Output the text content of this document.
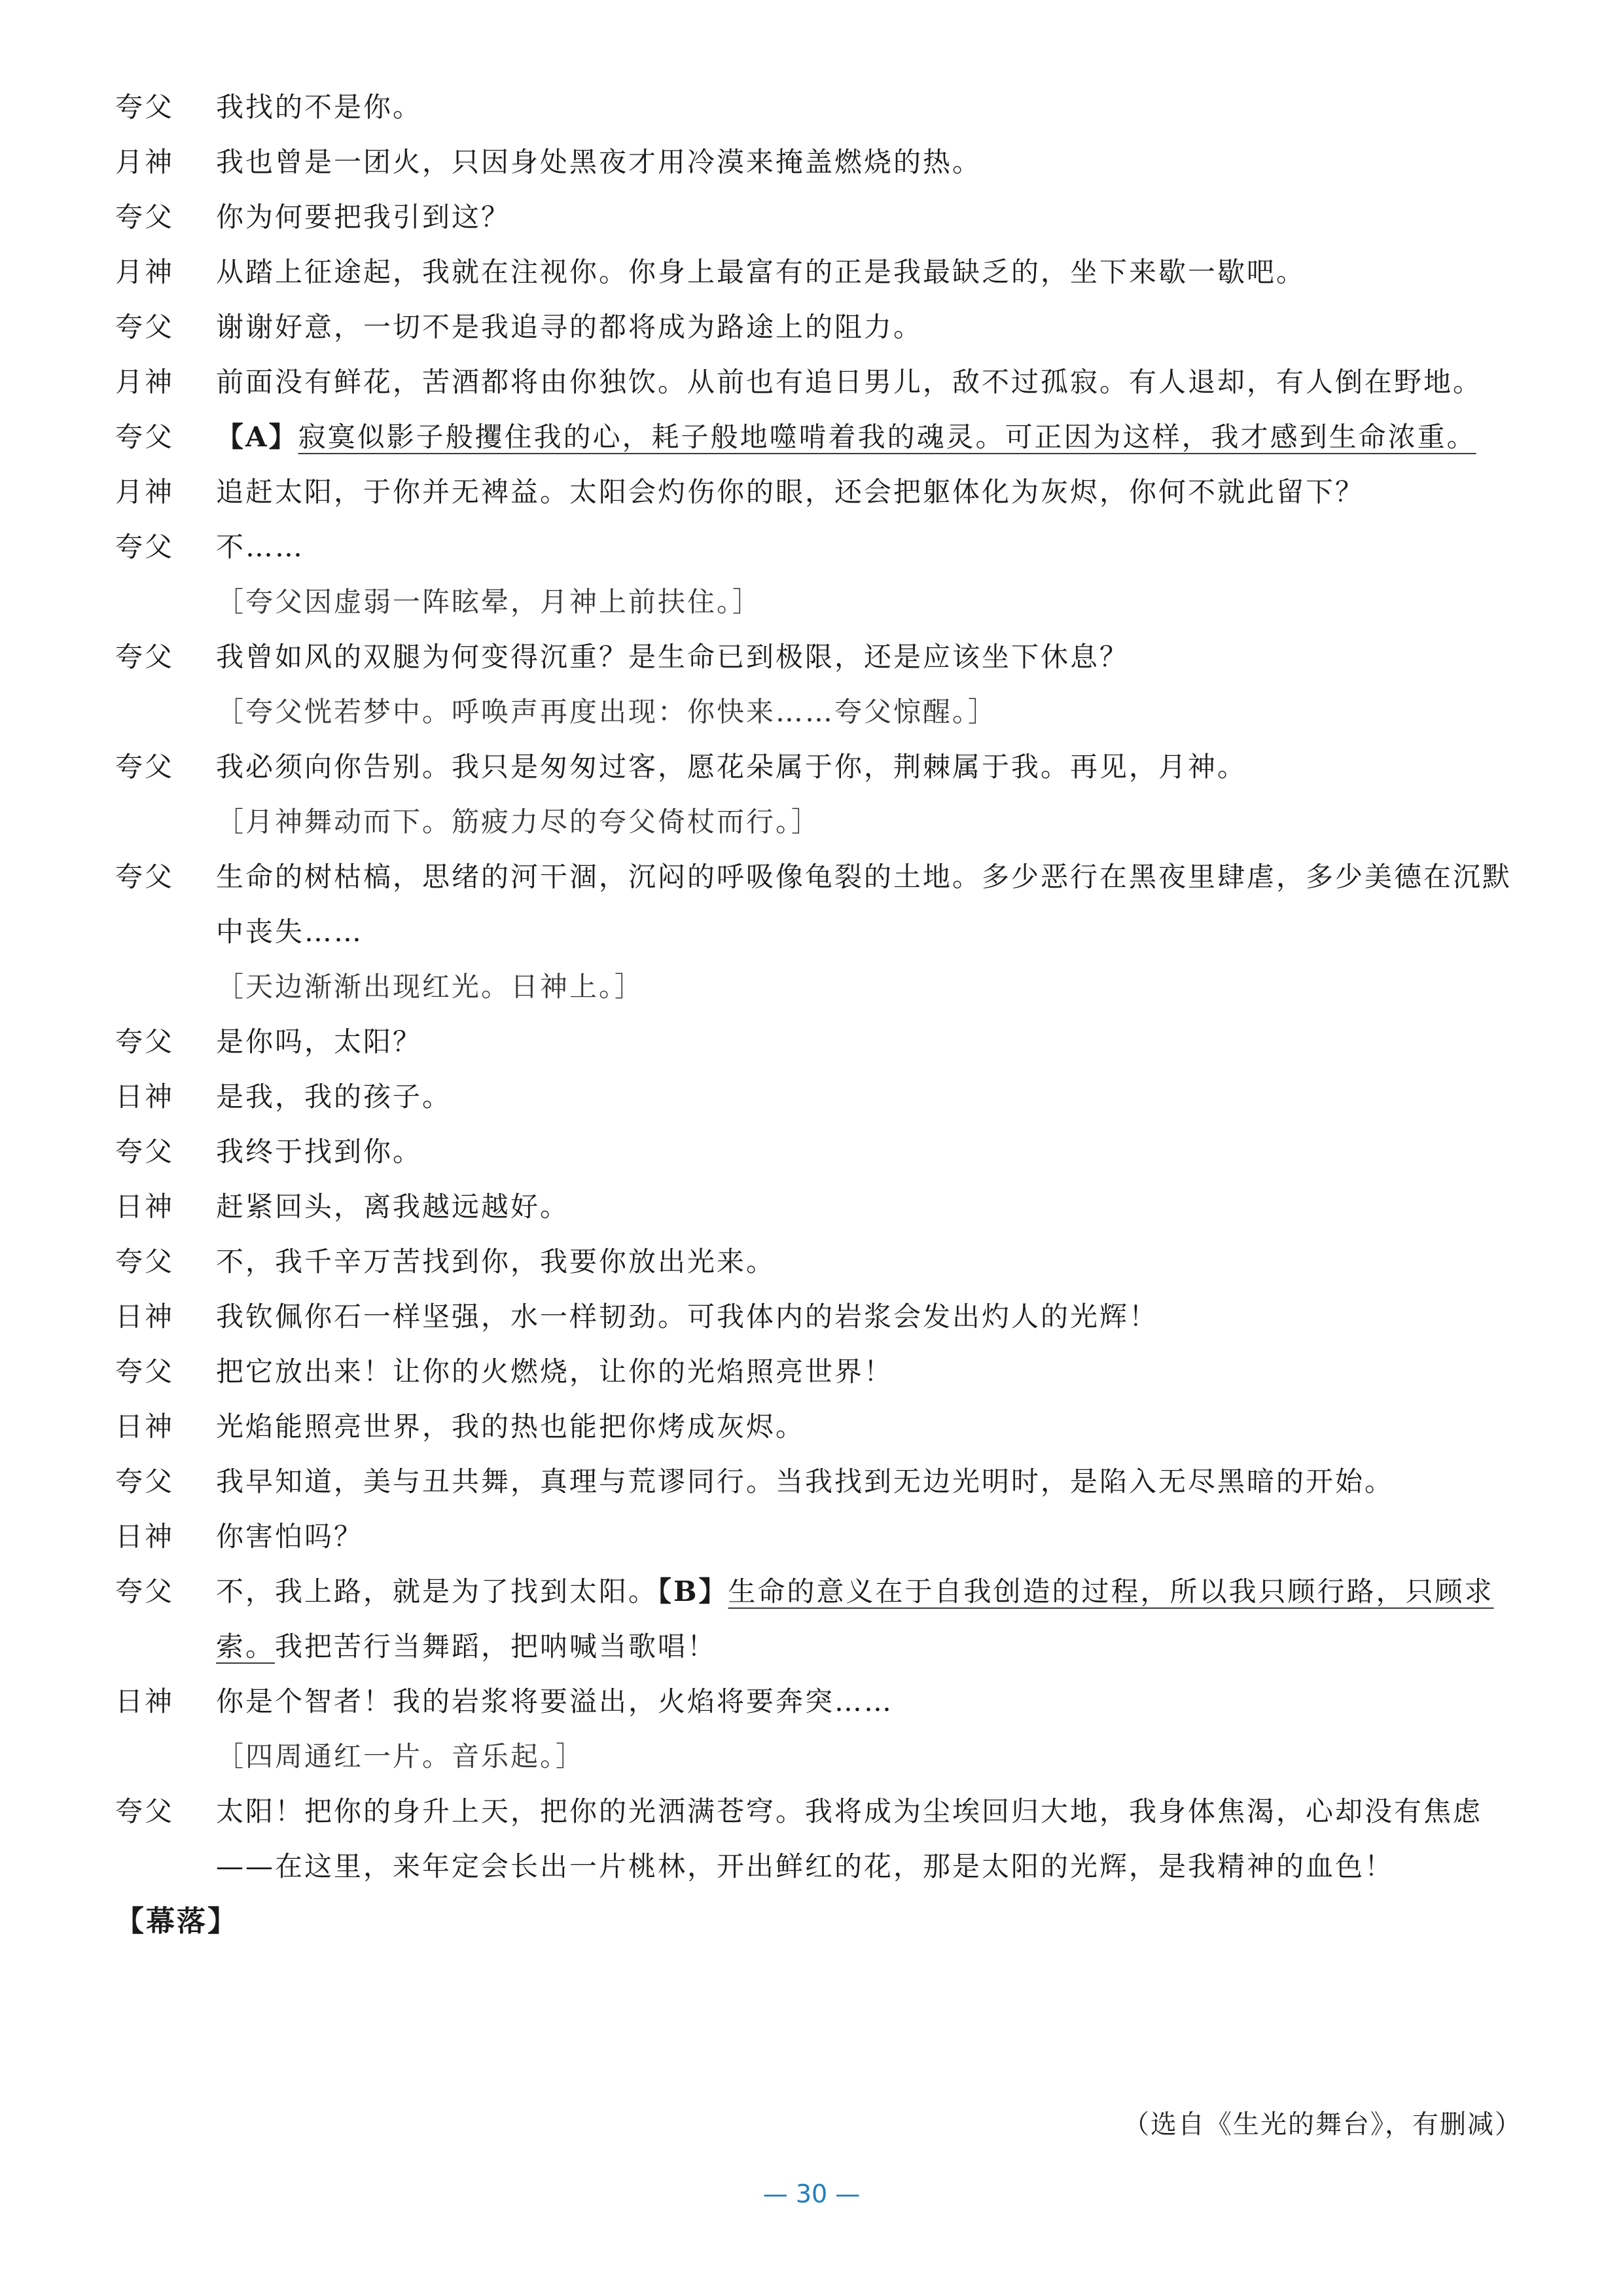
夸父	我找的不是你。
月神	我也曾是一团火，只因身处黑夜才用冷漠来掩盖燃烧的热。
夸父	你为何要把我引到这？
月神	从踏上征途起，我就在注视你。你身上最富有的正是我最缺乏的，坐下来歇一歇吧。
夸父	谢谢好意，一切不是我追寻的都将成为路途上的阻力。
月神	前面没有鲜花，苦酒都将由你独饮。从前也有追日男儿，敌不过孤寂。有人退却，有人倒在野地。
夸父	【A】寂寞似影子般攫住我的心，耗子般地噬啃着我的魂灵。可正因为这样，我才感到生命浓重。
月神	追赶太阳，于你并无裨益。太阳会灼伤你的眼，还会把躯体化为灰烬，你何不就此留下？
夸父	不……
［夸父因虚弱一阵眩晕，月神上前扶住。］
夸父	我曾如风的双腿为何变得沉重？是生命已到极限，还是应该坐下休息？
［夸父恍若梦中。呼唤声再度出现：你快来……夸父惊醒。］
夸父	我必须向你告别。我只是匆匆过客，愿花朵属于你，荆棘属于我。再见，月神。
［月神舞动而下。筋疲力尽的夸父倚杖而行。］
夸父	生命的树枯槁，思绪的河干涸，沉闷的呼吸像龟裂的土地。多少恶行在黑夜里肆虐，多少美德在沉默中丧失……
［天边渐渐出现红光。日神上。］
夸父	是你吗，太阳？
日神	是我，我的孩子。
夸父	我终于找到你。
日神	赶紧回头，离我越远越好。
夸父	不，我千辛万苦找到你，我要你放出光来。
日神	我钦佩你石一样坚强，水一样韧劲。可我体内的岩浆会发出灼人的光辉！
夸父	把它放出来！让你的火燃烧，让你的光焰照亮世界！
日神	光焰能照亮世界，我的热也能把你烤成灰烬。
夸父	我早知道，美与丑共舞，真理与荒谬同行。当我找到无边光明时，是陷入无尽黑暗的开始。
日神	你害怕吗？
夸父	不，我上路，就是为了找到太阳。【B】生命的意义在于自我创造的过程，所以我只顾行路，只顾求索。我把苦行当舞蹈，把呐喊当歌唱！
日神	你是个智者！我的岩浆将要溢出，火焰将要奔突……
［四周通红一片。音乐起。］
夸父	太阳！把你的身升上天，把你的光洒满苍穹。我将成为尘埃回归大地，我身体焦渴，心却没有焦虑——在这里，来年定会长出一片桃林，开出鲜红的花，那是太阳的光辉，是我精神的血色！
【幕落】
（选自《生光的舞台》，有删减）
— 30 —
